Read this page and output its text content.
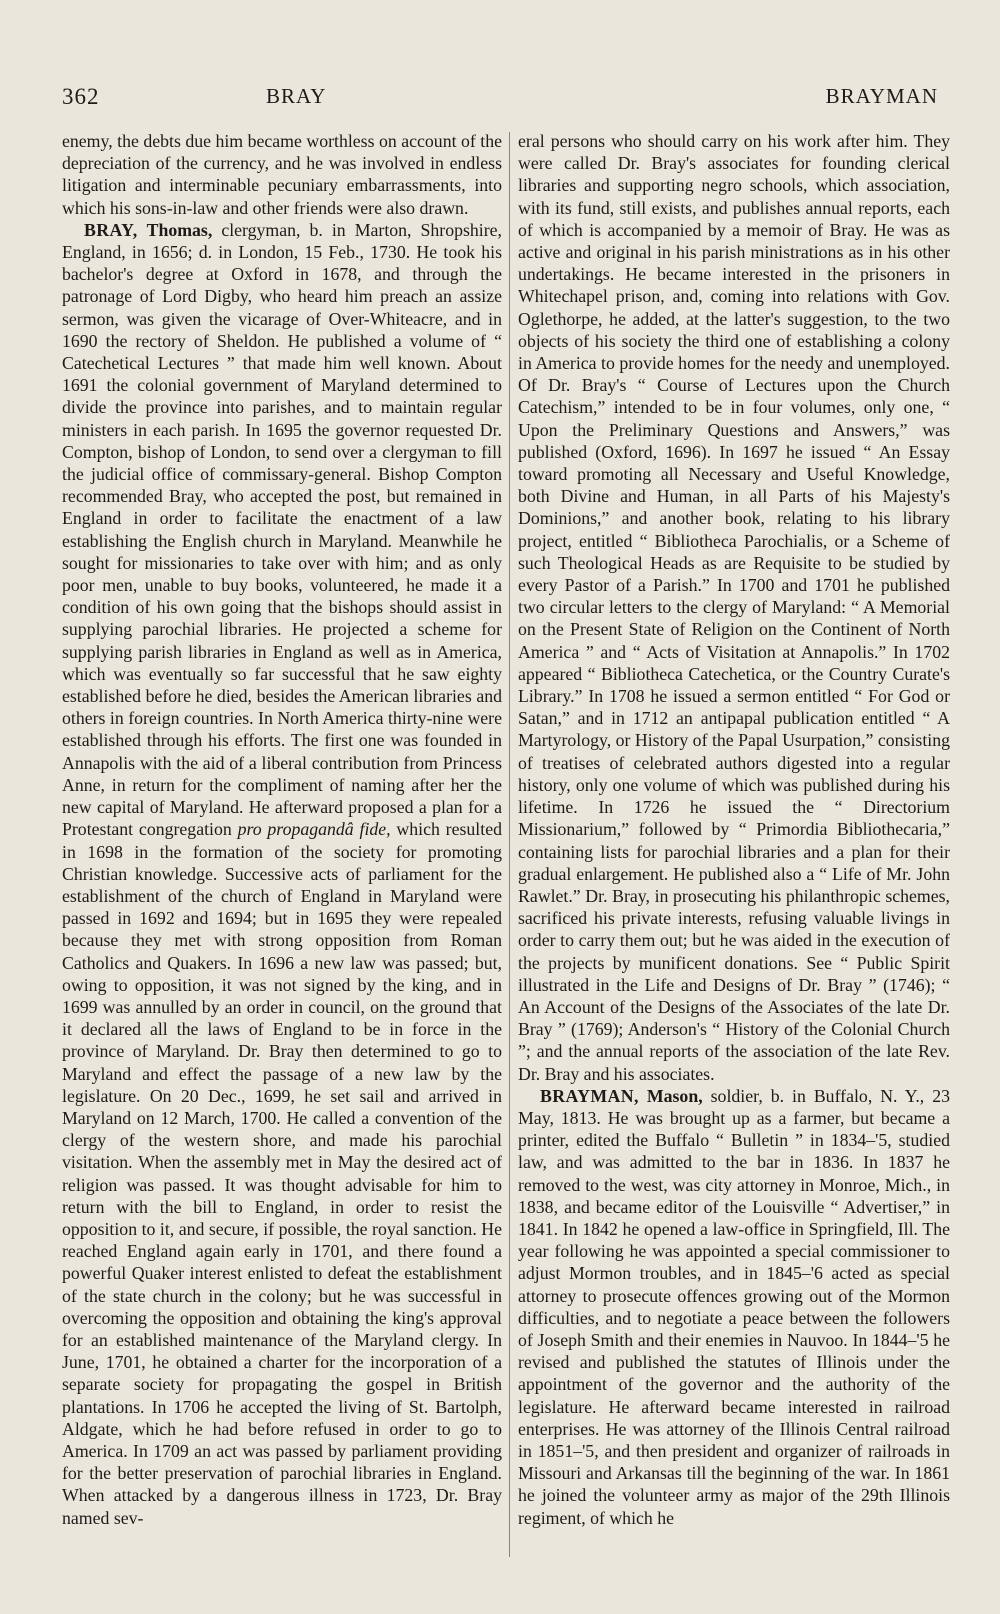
362	BRAY	BRAYMAN

enemy, the debts due him became worthless on account of the depreciation of the currency, and he was involved in endless litigation and interminable pecuniary embarrassments, into which his sons-in-law and other friends were also drawn.

BRAY, Thomas, clergyman, b. in Marton, Shropshire, England, in 1656; d. in London, 15 Feb., 1730. He took his bachelor's degree at Oxford in 1678, and through the patronage of Lord Digby, who heard him preach an assize sermon, was given the vicarage of Over-Whiteacre, and in 1690 the rectory of Sheldon. He published a volume of “ Catechetical Lectures ” that made him well known. About 1691 the colonial government of Maryland determined to divide the province into parishes, and to maintain regular ministers in each parish. In 1695 the governor requested Dr. Compton, bishop of London, to send over a clergyman to fill the judicial office of commissary-general. Bishop Compton recommended Bray, who accepted the post, but remained in England in order to facilitate the enactment of a law establishing the English church in Maryland. Meanwhile he sought for missionaries to take over with him; and as only poor men, unable to buy books, volunteered, he made it a condition of his own going that the bishops should assist in supplying parochial libraries. He projected a scheme for supplying parish libraries in England as well as in America, which was eventually so far successful that he saw eighty established before he died, besides the American libraries and others in foreign countries. In North America thirty-nine were established through his efforts. The first one was founded in Annapolis with the aid of a liberal contribution from Princess Anne, in return for the compliment of naming after her the new capital of Maryland. He afterward proposed a plan for a Protestant congregation pro propagandâ fide, which resulted in 1698 in the formation of the society for promoting Christian knowledge. Successive acts of parliament for the establishment of the church of England in Maryland were passed in 1692 and 1694; but in 1695 they were repealed because they met with strong opposition from Roman Catholics and Quakers. In 1696 a new law was passed; but, owing to opposition, it was not signed by the king, and in 1699 was annulled by an order in council, on the ground that it declared all the laws of England to be in force in the province of Maryland. Dr. Bray then determined to go to Maryland and effect the passage of a new law by the legislature. On 20 Dec., 1699, he set sail and arrived in Maryland on 12 March, 1700. He called a convention of the clergy of the western shore, and made his parochial visitation. When the assembly met in May the desired act of religion was passed. It was thought advisable for him to return with the bill to England, in order to resist the opposition to it, and secure, if possible, the royal sanction. He reached England again early in 1701, and there found a powerful Quaker interest enlisted to defeat the establishment of the state church in the colony; but he was successful in overcoming the opposition and obtaining the king's approval for an established maintenance of the Maryland clergy. In June, 1701, he obtained a charter for the incorporation of a separate society for propagating the gospel in British plantations. In 1706 he accepted the living of St. Bartolph, Aldgate, which he had before refused in order to go to America. In 1709 an act was passed by parliament providing for the better preservation of parochial libraries in England. When attacked by a dangerous illness in 1723, Dr. Bray named sev-

eral persons who should carry on his work after him. They were called Dr. Bray's associates for founding clerical libraries and supporting negro schools, which association, with its fund, still exists, and publishes annual reports, each of which is accompanied by a memoir of Bray. He was as active and original in his parish ministrations as in his other undertakings. He became interested in the prisoners in Whitechapel prison, and, coming into relations with Gov. Oglethorpe, he added, at the latter's suggestion, to the two objects of his society the third one of establishing a colony in America to provide homes for the needy and unemployed. Of Dr. Bray's “ Course of Lectures upon the Church Catechism,” intended to be in four volumes, only one, “ Upon the Preliminary Questions and Answers,” was published (Oxford, 1696). In 1697 he issued “ An Essay toward promoting all Necessary and Useful Knowledge, both Divine and Human, in all Parts of his Majesty's Dominions,” and another book, relating to his library project, entitled “ Bibliotheca Parochialis, or a Scheme of such Theological Heads as are Requisite to be studied by every Pastor of a Parish.” In 1700 and 1701 he published two circular letters to the clergy of Maryland: “ A Memorial on the Present State of Religion on the Continent of North America ” and “ Acts of Visitation at Annapolis.” In 1702 appeared “ Bibliotheca Catechetica, or the Country Curate's Library.” In 1708 he issued a sermon entitled “ For God or Satan,” and in 1712 an antipapal publication entitled “ A Martyrology, or History of the Papal Usurpation,” consisting of treatises of celebrated authors digested into a regular history, only one volume of which was published during his lifetime. In 1726 he issued the “ Directorium Missionarium,” followed by “ Primordia Bibliothecaria,” containing lists for parochial libraries and a plan for their gradual enlargement. He published also a “ Life of Mr. John Rawlet.” Dr. Bray, in prosecuting his philanthropic schemes, sacrificed his private interests, refusing valuable livings in order to carry them out; but he was aided in the execution of the projects by munificent donations. See “ Public Spirit illustrated in the Life and Designs of Dr. Bray ” (1746); “ An Account of the Designs of the Associates of the late Dr. Bray ” (1769); Anderson's “ History of the Colonial Church ”; and the annual reports of the association of the late Rev. Dr. Bray and his associates.

BRAYMAN, Mason, soldier, b. in Buffalo, N. Y., 23 May, 1813. He was brought up as a farmer, but became a printer, edited the Buffalo “ Bulletin ” in 1834–'5, studied law, and was admitted to the bar in 1836. In 1837 he removed to the west, was city attorney in Monroe, Mich., in 1838, and became editor of the Louisville “ Advertiser,” in 1841. In 1842 he opened a law-office in Springfield, Ill. The year following he was appointed a special commissioner to adjust Mormon troubles, and in 1845–'6 acted as special attorney to prosecute offences growing out of the Mormon difficulties, and to negotiate a peace between the followers of Joseph Smith and their enemies in Nauvoo. In 1844–'5 he revised and published the statutes of Illinois under the appointment of the governor and the authority of the legislature. He afterward became interested in railroad enterprises. He was attorney of the Illinois Central railroad in 1851–'5, and then president and organizer of railroads in Missouri and Arkansas till the beginning of the war. In 1861 he joined the volunteer army as major of the 29th Illinois regiment, of which he
